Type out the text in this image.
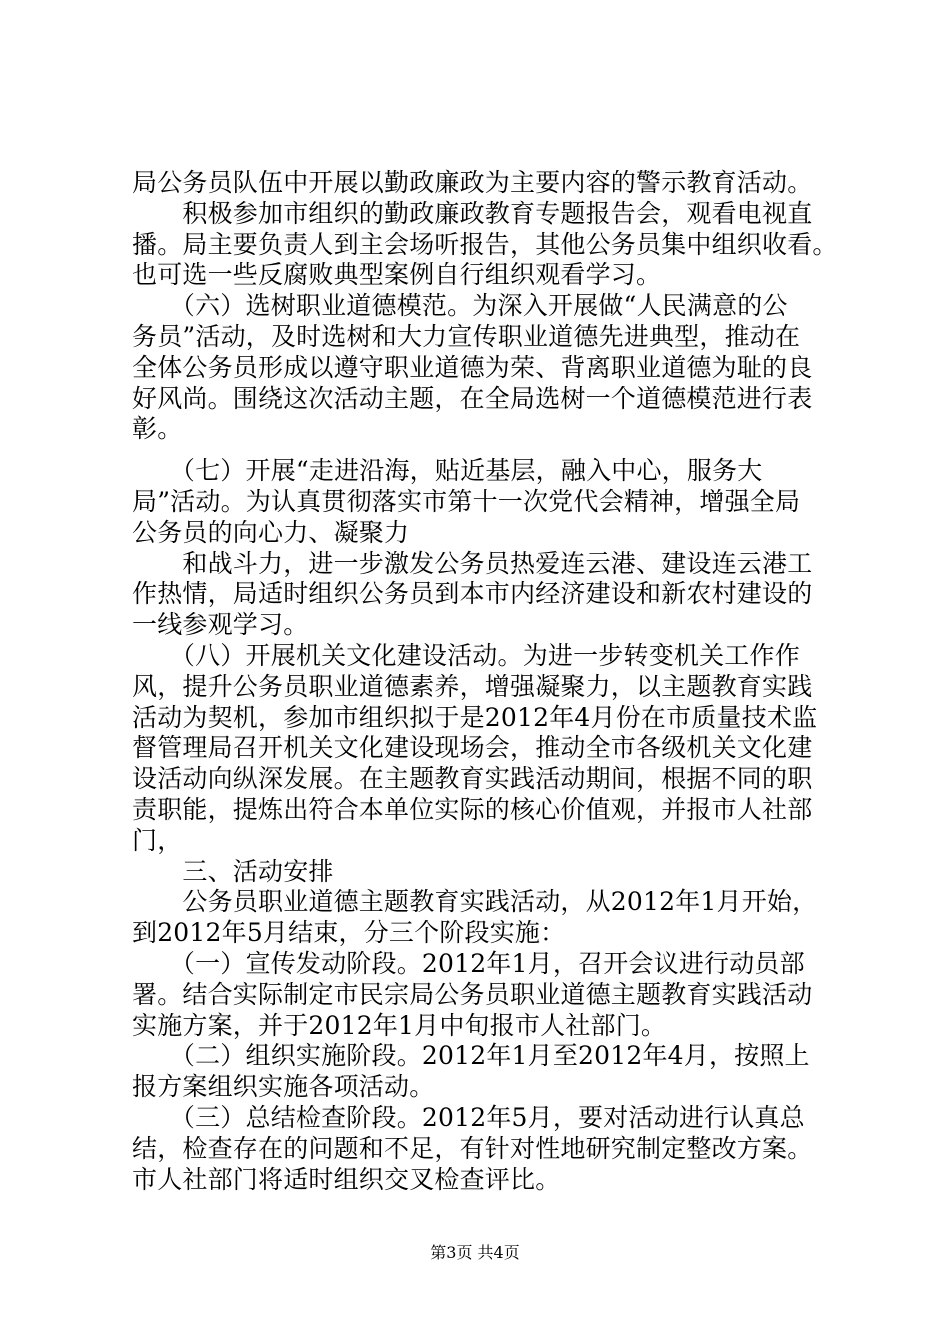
局公务员队伍中开展以勤政廉政为主要内容的警示教育活动。
　　积极参加市组织的勤政廉政教育专题报告会，观看电视直
播。局主要负责人到主会场听报告，其他公务员集中组织收看。
也可选一些反腐败典型案例自行组织观看学习。
　　（六）选树职业道德模范。为深入开展做“人民满意的公
务员”活动，及时选树和大力宣传职业道德先进典型，推动在
全体公务员形成以遵守职业道德为荣、背离职业道德为耻的良
好风尚。围绕这次活动主题，在全局选树一个道德模范进行表
彰。
　　（七）开展“走进沿海，贴近基层，融入中心，服务大
局”活动。为认真贯彻落实市第十一次党代会精神，增强全局
公务员的向心力、凝聚力
　　和战斗力，进一步激发公务员热爱连云港、建设连云港工
作热情，局适时组织公务员到本市内经济建设和新农村建设的
一线参观学习。
　　（八）开展机关文化建设活动。为进一步转变机关工作作
风，提升公务员职业道德素养，增强凝聚力，以主题教育实践
活动为契机，参加市组织拟于是2012年4月份在市质量技术监
督管理局召开机关文化建设现场会，推动全市各级机关文化建
设活动向纵深发展。在主题教育实践活动期间，根据不同的职
责职能，提炼出符合本单位实际的核心价值观，并报市人社部
门，
　　三、活动安排
　　公务员职业道德主题教育实践活动，从2012年1月开始，
到2012年5月结束，分三个阶段实施：
　　（一）宣传发动阶段。2012年1月，召开会议进行动员部
署。结合实际制定市民宗局公务员职业道德主题教育实践活动
实施方案，并于2012年1月中旬报市人社部门。
　　（二）组织实施阶段。2012年1月至2012年4月，按照上
报方案组织实施各项活动。
　　（三）总结检查阶段。2012年5月，要对活动进行认真总
结，检查存在的问题和不足，有针对性地研究制定整改方案。
市人社部门将适时组织交叉检查评比。
第3页 共4页
